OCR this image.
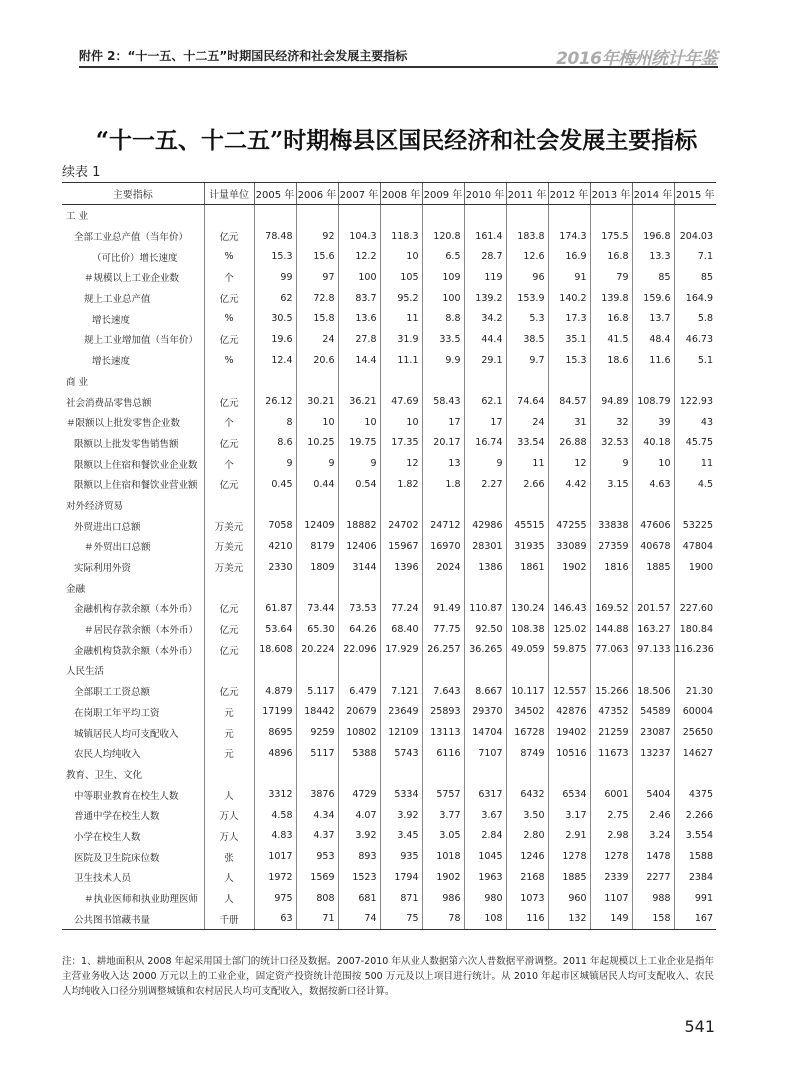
附件 2：“十一五、十二五”时期国民经济和社会发展主要指标	2016年梅州统计年鉴
“十一五、十二五”时期梅县区国民经济和社会发展主要指标
续表 1
主要指标	计量单位	2005 年	2006 年	2007 年	2008 年	2009 年	2010 年	2011 年	2012 年	2013 年	2014 年	2015 年
工 业												
全部工业总产值（当年价）	亿元	78.48	92	104.3	118.3	120.8	161.4	183.8	174.3	175.5	196.8	204.03
（可比价）增长速度	%	15.3	15.6	12.2	10	6.5	28.7	12.6	16.9	16.8	13.3	7.1
＃规模以上工业企业数	个	99	97	100	105	109	119	96	91	79	85	85
规上工业总产值	亿元	62	72.8	83.7	95.2	100	139.2	153.9	140.2	139.8	159.6	164.9
增长速度	%	30.5	15.8	13.6	11	8.8	34.2	5.3	17.3	16.8	13.7	5.8
规上工业增加值（当年价）	亿元	19.6	24	27.8	31.9	33.5	44.4	38.5	35.1	41.5	48.4	46.73
增长速度	%	12.4	20.6	14.4	11.1	9.9	29.1	9.7	15.3	18.6	11.6	5.1
商 业												
社会消费品零售总额	亿元	26.12	30.21	36.21	47.69	58.43	62.1	74.64	84.57	94.89	108.79	122.93
＃限额以上批发零售企业数	个	8	10	10	10	17	17	24	31	32	39	43
限额以上批发零售销售额	亿元	8.6	10.25	19.75	17.35	20.17	16.74	33.54	26.88	32.53	40.18	45.75
限额以上住宿和餐饮业企业数	个	9	9	9	12	13	9	11	12	9	10	11
限额以上住宿和餐饮业营业额	亿元	0.45	0.44	0.54	1.82	1.8	2.27	2.66	4.42	3.15	4.63	4.5
对外经济贸易												
外贸进出口总额	万美元	7058	12409	18882	24702	24712	42986	45515	47255	33838	47606	53225
＃外贸出口总额	万美元	4210	8179	12406	15967	16970	28301	31935	33089	27359	40678	47804
实际利用外资	万美元	2330	1809	3144	1396	2024	1386	1861	1902	1816	1885	1900
金融												
金融机构存款余额（本外币）	亿元	61.87	73.44	73.53	77.24	91.49	110.87	130.24	146.43	169.52	201.57	227.60
＃居民存款余额（本外币）	亿元	53.64	65.30	64.26	68.40	77.75	92.50	108.38	125.02	144.88	163.27	180.84
金融机构贷款余额（本外币）	亿元	18.608	20.224	22.096	17.929	26.257	36.265	49.059	59.875	77.063	97.133	116.236
人民生活												
全部职工工资总额	亿元	4.879	5.117	6.479	7.121	7.643	8.667	10.117	12.557	15.266	18.506	21.30
在岗职工年平均工资	元	17199	18442	20679	23649	25893	29370	34502	42876	47352	54589	60004
城镇居民人均可支配收入	元	8695	9259	10802	12109	13113	14704	16728	19402	21259	23087	25650
农民人均纯收入	元	4896	5117	5388	5743	6116	7107	8749	10516	11673	13237	14627
教育、卫生、文化												
中等职业教育在校生人数	人	3312	3876	4729	5334	5757	6317	6432	6534	6001	5404	4375
普通中学在校生人数	万人	4.58	4.34	4.07	3.92	3.77	3.67	3.50	3.17	2.75	2.46	2.266
小学在校生人数	万人	4.83	4.37	3.92	3.45	3.05	2.84	2.80	2.91	2.98	3.24	3.554
医院及卫生院床位数	张	1017	953	893	935	1018	1045	1246	1278	1278	1478	1588
卫生技术人员	人	1972	1569	1523	1794	1902	1963	2168	1885	2339	2277	2384
＃执业医师和执业助理医师	人	975	808	681	871	986	980	1073	960	1107	988	991
公共图书馆藏书量	千册	63	71	74	75	78	108	116	132	149	158	167
注：1、耕地面积从 2008 年起采用国土部门的统计口径及数据。2007-2010 年从业人数据第六次人普数据平滑调整。2011 年起规模以上工业企业是指年主营业务收入达 2000 万元以上的工业企业，固定资产投资统计范围按 500 万元及以上项目进行统计。从 2010 年起市区城镇居民人均可支配收入、农民人均纯收入口径分别调整城镇和农村居民人均可支配收入，数据按新口径计算。
541
